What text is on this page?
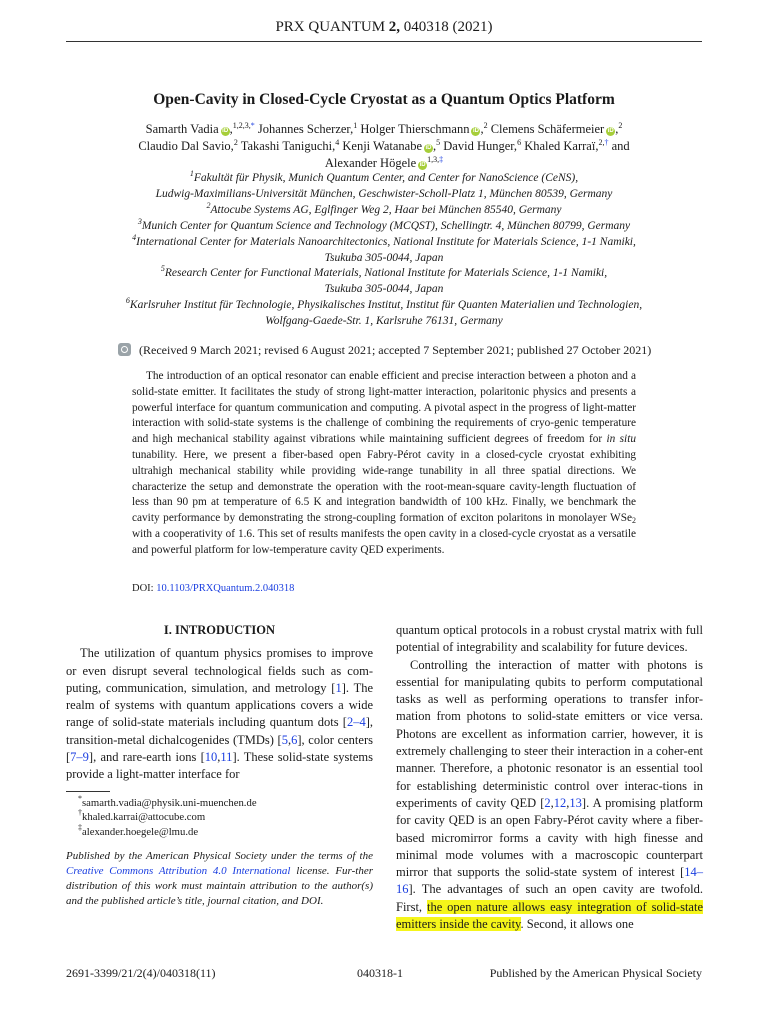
PRX QUANTUM 2, 040318 (2021)
Open-Cavity in Closed-Cycle Cryostat as a Quantum Optics Platform
Samarth Vadia iD ,$^{1,2,3,*}$ Johannes Scherzer,$^1$ Holger Thierschmann iD ,$^2$ Clemens Schäfermeier iD ,$^2$
Claudio Dal Savio,$^2$ Takashi Taniguchi,$^4$ Kenji Watanabe iD ,$^5$ David Hunger,$^6$ Khaled Karraï,$^{2,\dagger}$ and
Alexander Högele $iD^{1,3,\ddagger}$
$^1$Fakultät für Physik, Munich Quantum Center, and Center for NanoScience (CeNS),
Ludwig-Maximilians-Universität München, Geschwister-Scholl-Platz 1, München 80539, Germany
$^2$Attocube Systems AG, Eglfinger Weg 2, Haar bei München 85540, Germany
$^3$Munich Center for Quantum Science and Technology (MCQST), Schellingtr. 4, München 80799, Germany
$^4$International Center for Materials Nanoarchitectonics, National Institute for Materials Science, 1-1 Namiki,
Tsukuba 305-0044, Japan
$^5$Research Center for Functional Materials, National Institute for Materials Science, 1-1 Namiki,
Tsukuba 305-0044, Japan
$^6$Karlsruher Institut für Technologie, Physikalisches Institut, Institut für Quanten Materialien und Technologien,
Wolfgang-Gaede-Str. 1, Karlsruhe 76131, Germany
(Received 9 March 2021; revised 6 August 2021; accepted 7 September 2021; published 27 October 2021)

The introduction of an optical resonator can enable efficient and precise interaction between a photon and a solid-state emitter. It facilitates the study of strong light-matter interaction, polaritonic physics and presents a powerful interface for quantum communication and computing. A pivotal aspect in the progress of light-matter interaction with solid-state systems is the challenge of combining the requirements of cryo-genic temperature and high mechanical stability against vibrations while maintaining sufficient degrees of freedom for in situ tunability. Here, we present a fiber-based open Fabry-Pérot cavity in a closed-cycle cryostat exhibiting ultrahigh mechanical stability while providing wide-range tunability in all three spatial directions. We characterize the setup and demonstrate the operation with the root-mean-square cavity-length fluctuation of less than 90 pm at temperature of 6.5 K and integration bandwidth of 100 kHz. Finally, we benchmark the cavity performance by demonstrating the strong-coupling formation of exciton polaritons in monolayer WSe$_2$ with a cooperativity of 1.6. This set of results manifests the open cavity in a closed-cycle cryostat as a versatile and powerful platform for low-temperature cavity QED experiments.

DOI: 10.1103/PRXQuantum.2.040318
I. INTRODUCTION

The utilization of quantum physics promises to improve or even disrupt several technological fields such as com-puting, communication, simulation, and metrology [1]. The realm of systems with quantum applications covers a wide range of solid-state materials including quantum dots [2–4], transition-metal dichalcogenides (TMDs) [5,6], color centers [7–9], and rare-earth ions [10,11]. These solid-state systems provide a light-matter interface for

*samarth.vadia@physik.uni-muenchen.de
†khaled.karrai@attocube.com
‡alexander.hoegele@lmu.de
Published by the American Physical Society under the terms of the Creative Commons Attribution 4.0 International license. Fur-ther distribution of this work must maintain attribution to the author(s) and the published article’s title, journal citation, and DOI.

quantum optical protocols in a robust crystal matrix with full potential of integrability and scalability for future devices.

Controlling the interaction of matter with photons is essential for manipulating qubits to perform computational tasks as well as performing operations to transfer infor-mation from photons to solid-state emitters or vice versa. Photons are excellent as information carrier, however, it is extremely challenging to steer their interaction in a coher-ent manner. Therefore, a photonic resonator is an essential tool for establishing deterministic control over interac-tions in experiments of cavity QED [2,12,13]. A promising platform for cavity QED is an open Fabry-Pérot cavity where a fiber-based micromirror forms a cavity with high finesse and minimal mode volumes with a macroscopic counterpart mirror that supports the solid-state system of interest [14–16]. The advantages of such an open cavity are twofold. First, the open nature allows easy integration of solid-state emitters inside the cavity. Second, it allows one

2691-3399/21/2(4)/040318(11)	040318-1	Published by the American Physical Society
